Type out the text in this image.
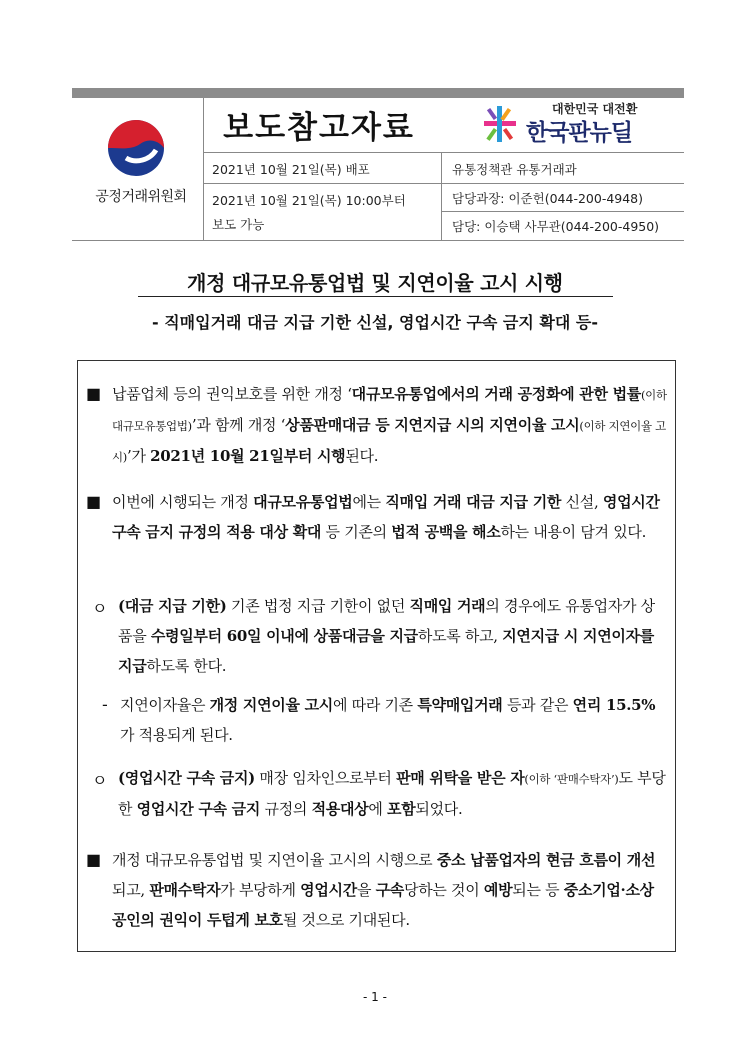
공정거래위원회
보도참고자료
대한민국 대전환
한국판뉴딜
2021년 10월 21일(목) 배포	유통정책관 유통거래과
2021년 10월 21일(목) 10:00부터
보도 가능
담당과장: 이준헌(044-200-4948)
담당: 이승택 사무관(044-200-4950)
개정 대규모유통업법 및 지연이율 고시 시행
- 직매입거래 대금 지급 기한 신설, 영업시간 구속 금지 확대 등-
■ 납품업체 등의 권익보호를 위한 개정 ‘대규모유통업에서의 거래 공정화에 관한 법률(이하 대규모유통업법)’과 함께 개정 ‘상품판매대금 등 지연지급 시의 지연이율 고시(이하 지연이율 고시)’가 2021년 10월 21일부터 시행된다.
■ 이번에 시행되는 개정 대규모유통업법에는 직매입 거래 대금 지급 기한 신설, 영업시간 구속 금지 규정의 적용 대상 확대 등 기존의 법적 공백을 해소하는 내용이 담겨 있다.
ㅇ (대금 지급 기한) 기존 법정 지급 기한이 없던 직매입 거래의 경우에도 유통업자가 상품을 수령일부터 60일 이내에 상품대금을 지급하도록 하고, 지연지급 시 지연이자를 지급하도록 한다.
- 지연이자율은 개정 지연이율 고시에 따라 기존 특약매입거래 등과 같은 연리 15.5%가 적용되게 된다.
ㅇ (영업시간 구속 금지) 매장 임차인으로부터 판매 위탁을 받은 자(이하 ‘판매수탁자’)도 부당한 영업시간 구속 금지 규정의 적용대상에 포함되었다.
■ 개정 대규모유통업법 및 지연이율 고시의 시행으로 중소 납품업자의 현금 흐름이 개선되고, 판매수탁자가 부당하게 영업시간을 구속당하는 것이 예방되는 등 중소기업·소상공인의 권익이 두텁게 보호될 것으로 기대된다.
- 1 -
